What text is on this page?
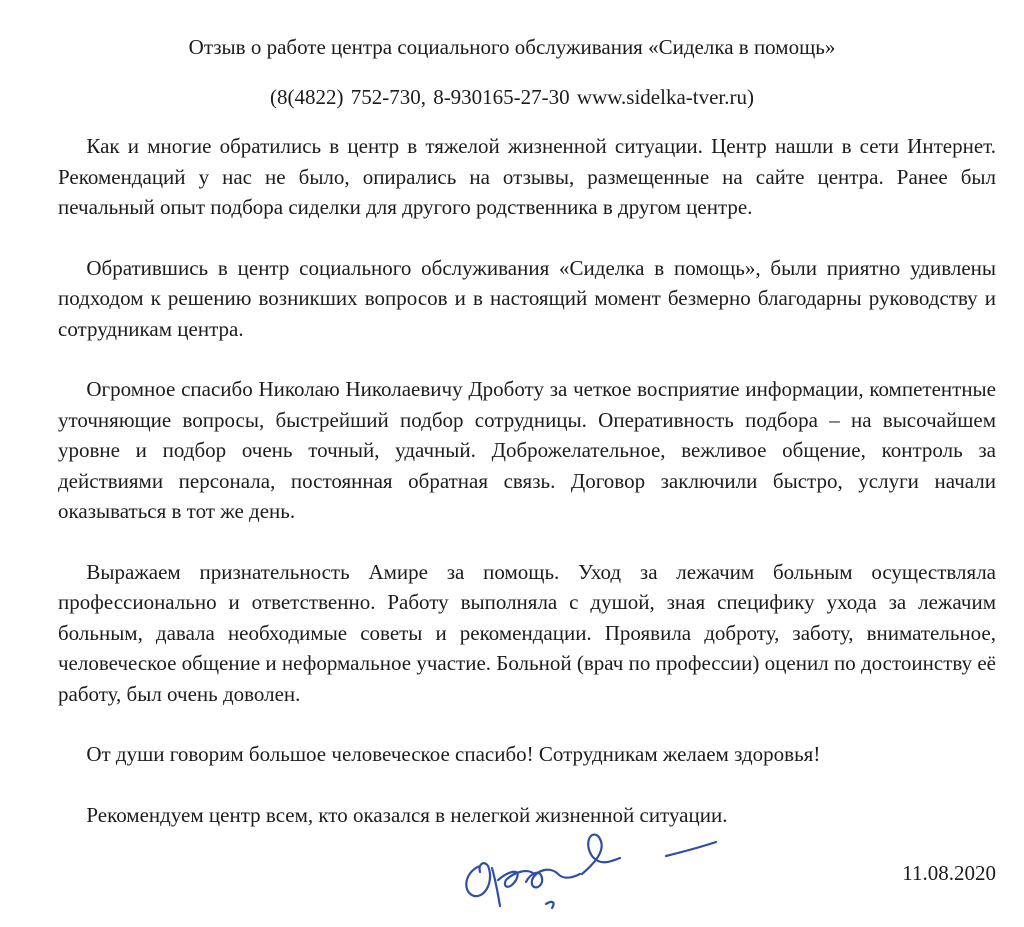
Отзыв о работе центра социального обслуживания «Сиделка в помощь»
(8(4822) 752-730, 8-930165-27-30 www.sidelka-tver.ru)

Как и многие обратились в центр в тяжелой жизненной ситуации. Центр нашли в сети Интернет. Рекомендаций у нас не было, опирались на отзывы, размещенные на сайте центра. Ранее был печальный опыт подбора сиделки для другого родственника в другом центре.

Обратившись в центр социального обслуживания «Сиделка в помощь», были приятно удивлены подходом к решению возникших вопросов и в настоящий момент безмерно благодарны руководству и сотрудникам центра.

Огромное спасибо Николаю Николаевичу Дроботу за четкое восприятие информации, компетентные уточняющие вопросы, быстрейший подбор сотрудницы. Оперативность подбора – на высочайшем уровне и подбор очень точный, удачный. Доброжелательное, вежливое общение, контроль за действиями персонала, постоянная обратная связь. Договор заключили быстро, услуги начали оказываться в тот же день.

Выражаем признательность Амире за помощь. Уход за лежачим больным осуществляла профессионально и ответственно. Работу выполняла с душой, зная специфику ухода за лежачим больным, давала необходимые советы и рекомендации. Проявила доброту, заботу, внимательное, человеческое общение и неформальное участие. Больной (врач по профессии) оценил по достоинству её работу, был очень доволен.

От души говорим большое человеческое спасибо! Сотрудникам желаем здоровья!

Рекомендуем центр всем, кто оказался в нелегкой жизненной ситуации.

11.08.2020
